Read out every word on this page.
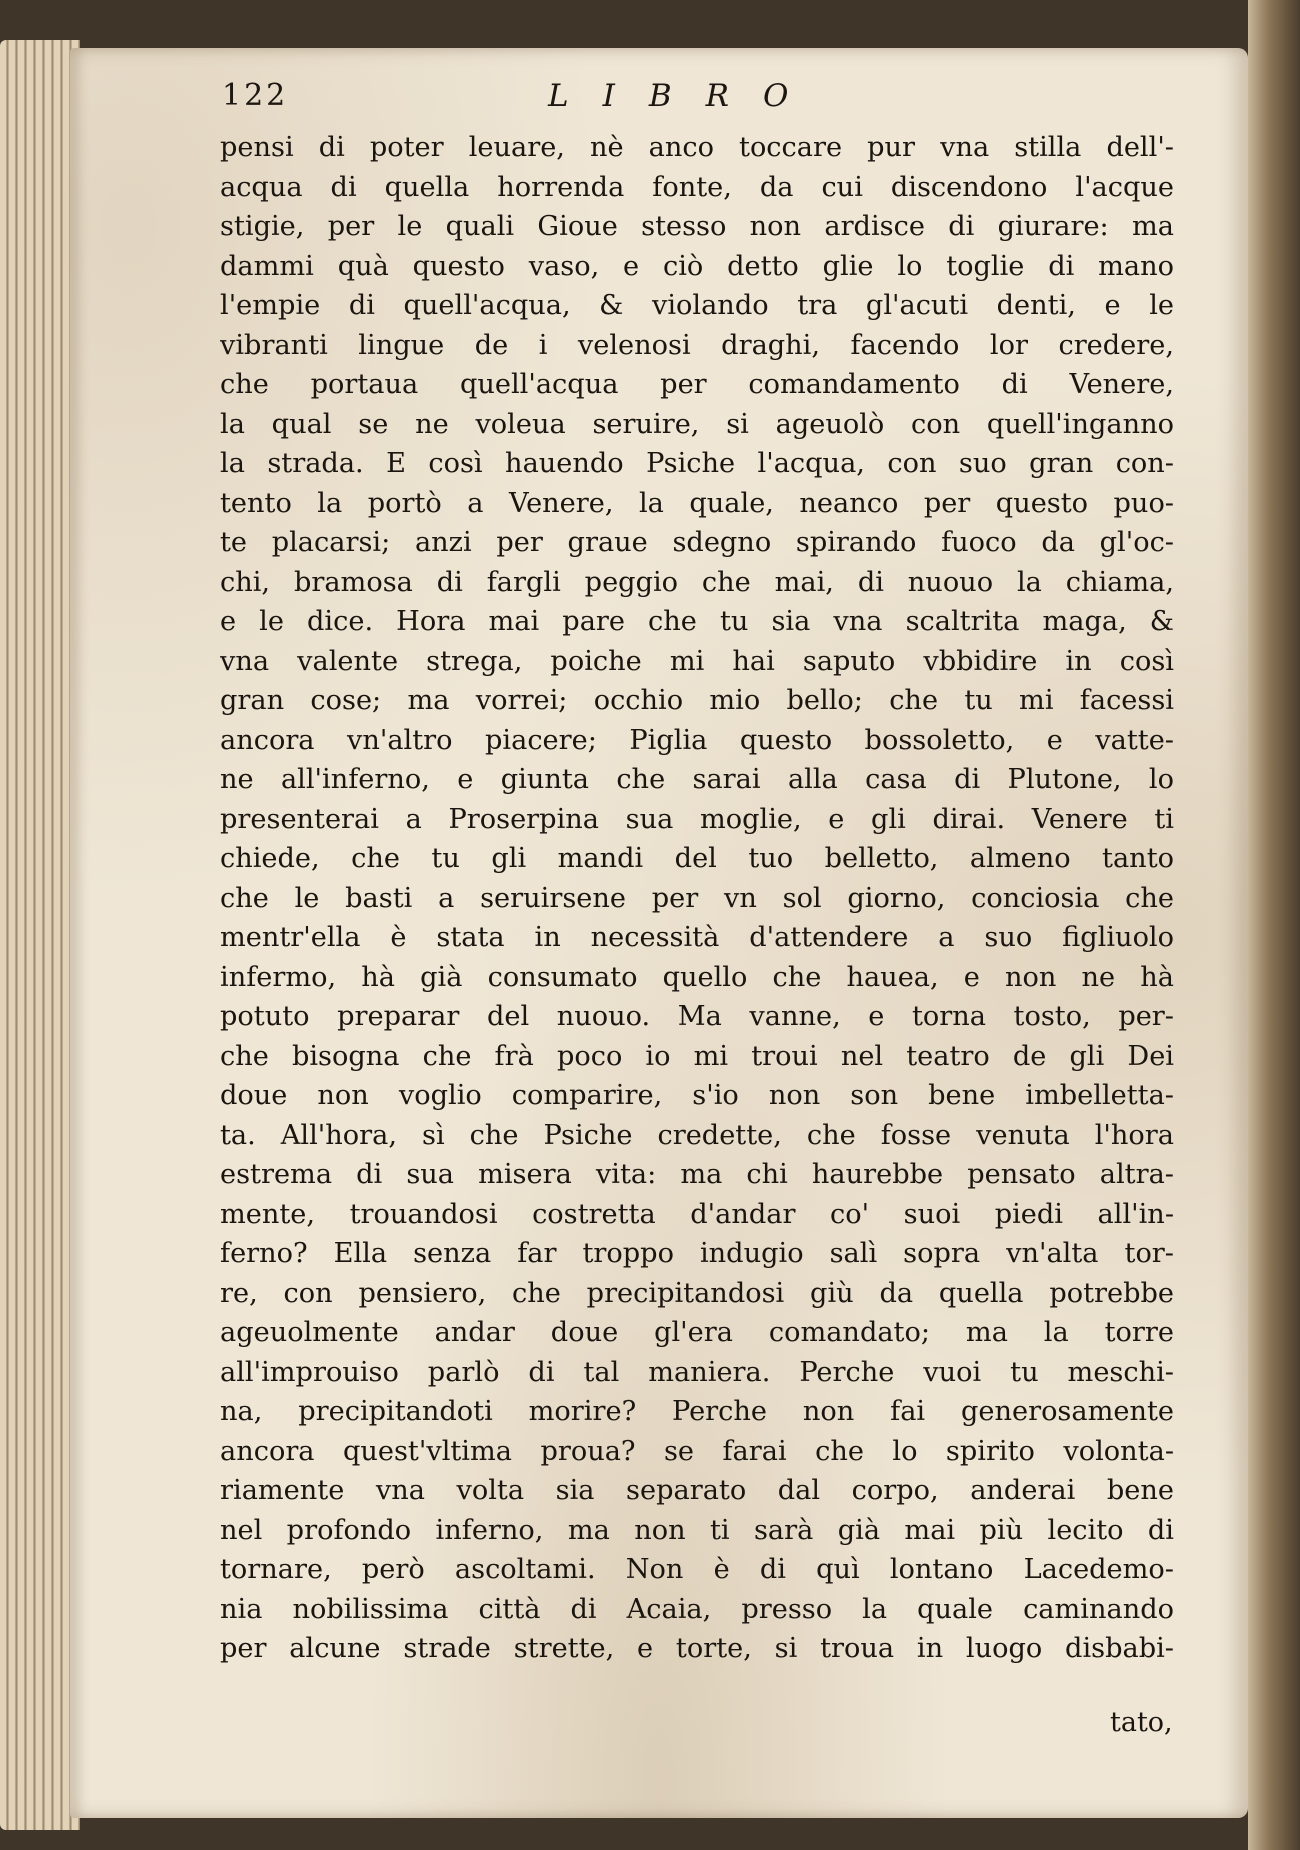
122	LIBRO
pensi di poter leuare, nè anco toccare pur vna stilla dell'-
acqua di quella horrenda fonte, da cui discendono l'acque
stigie, per le quali Gioue stesso non ardisce di giurare: ma
dammi quà questo vaso, e ciò detto glie lo toglie di mano
l'empie di quell'acqua, & violando tra gl'acuti denti, e le
vibranti lingue de i velenosi draghi, facendo lor credere,
che portaua quell'acqua per comandamento di Venere,
la qual se ne voleua seruire, si ageuolò con quell'inganno
la strada. E così hauendo Psiche l'acqua, con suo gran con-
tento la portò a Venere, la quale, neanco per questo puo-
te placarsi; anzi per graue sdegno spirando fuoco da gl'oc-
chi, bramosa di fargli peggio che mai, di nuouo la chiama,
e le dice. Hora mai pare che tu sia vna scaltrita maga, &
vna valente strega, poiche mi hai saputo vbbidire in così
gran cose; ma vorrei; occhio mio bello; che tu mi facessi
ancora vn'altro piacere; Piglia questo bossoletto, e vatte-
ne all'inferno, e giunta che sarai alla casa di Plutone, lo
presenterai a Proserpina sua moglie, e gli dirai. Venere ti
chiede, che tu gli mandi del tuo belletto, almeno tanto
che le basti a seruirsene per vn sol giorno, conciosia che
mentr'ella è stata in necessità d'attendere a suo figliuolo
infermo, hà già consumato quello che hauea, e non ne hà
potuto preparar del nuouo. Ma vanne, e torna tosto, per-
che bisogna che frà poco io mi troui nel teatro de gli Dei
doue non voglio comparire, s'io non son bene imbelletta-
ta. All'hora, sì che Psiche credette, che fosse venuta l'hora
estrema di sua misera vita: ma chi haurebbe pensato altra-
mente, trouandosi costretta d'andar co' suoi piedi all'in-
ferno? Ella senza far troppo indugio salì sopra vn'alta tor-
re, con pensiero, che precipitandosi giù da quella potrebbe
ageuolmente andar doue gl'era comandato; ma la torre
all'improuiso parlò di tal maniera. Perche vuoi tu meschi-
na, precipitandoti morire? Perche non fai generosamente
ancora quest'vltima proua? se farai che lo spirito volonta-
riamente vna volta sia separato dal corpo, anderai bene
nel profondo inferno, ma non ti sarà già mai più lecito di
tornare, però ascoltami. Non è di quì lontano Lacedemo-
nia nobilissima città di Acaia, presso la quale caminando
per alcune strade strette, e torte, si troua in luogo disbabi-
tato,
